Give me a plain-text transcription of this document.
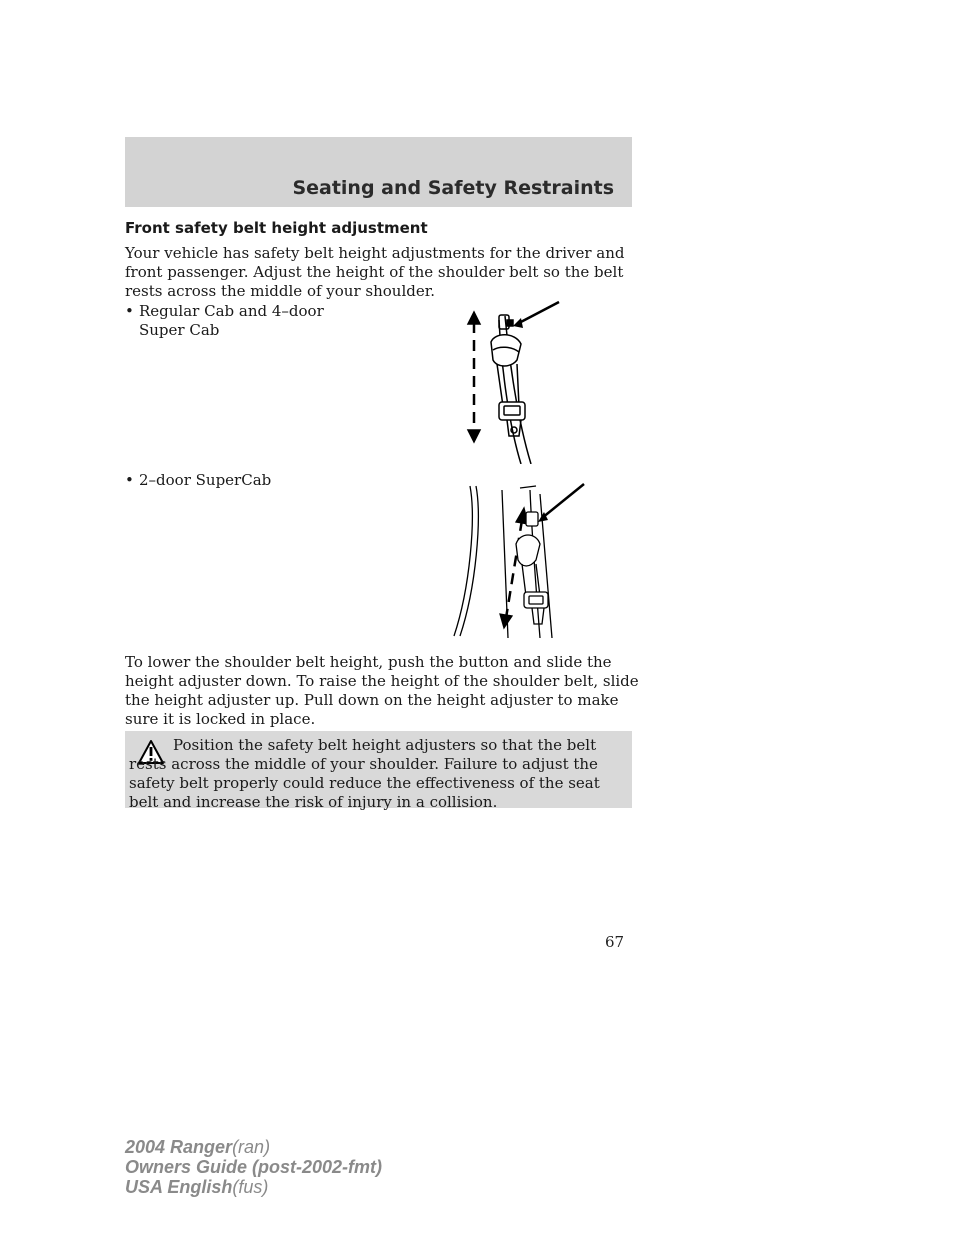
Seating and Safety Restraints
Front safety belt height adjustment

Your vehicle has safety belt height adjustments for the driver and front passenger. Adjust the height of the shoulder belt so the belt rests across the middle of your shoulder.

• Regular Cab and 4–door Super Cab
• 2–door SuperCab

To lower the shoulder belt height, push the button and slide the height adjuster down. To raise the height of the shoulder belt, slide the height adjuster up. Pull down on the height adjuster to make sure it is locked in place.

Position the safety belt height adjusters so that the belt rests across the middle of your shoulder. Failure to adjust the safety belt properly could reduce the effectiveness of the seat belt and increase the risk of injury in a collision.

67
2004 Ranger(ran)
Owners Guide (post-2002-fmt)
USA English(fus)
